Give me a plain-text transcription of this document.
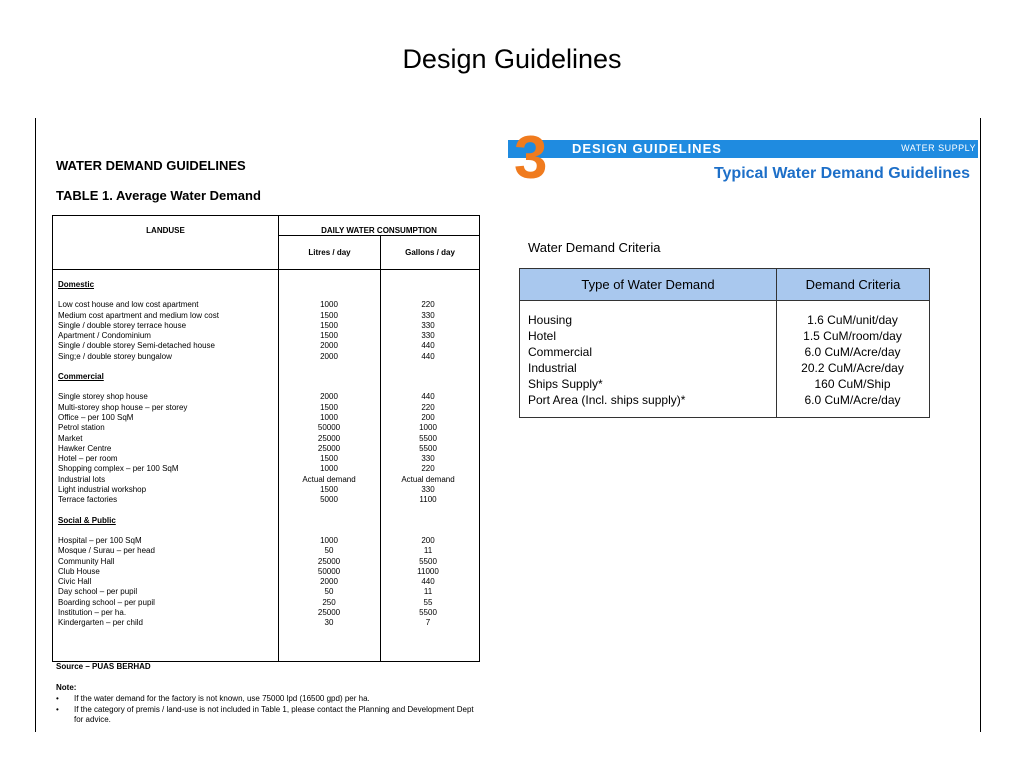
Design Guidelines
WATER DEMAND GUIDELINES
TABLE 1. Average Water Demand
LANDUSE	DAILY WATER CONSUMPTION
Litres / day	Gallons / day
Domestic
Low cost house and low cost apartment	1000	220
Medium cost apartment and medium low cost	1500	330
Single / double storey terrace house	1500	330
Apartment / Condominium	1500	330
Single / double storey Semi-detached house	2000	440
Sing;e / double storey bungalow	2000	440
Commercial
Single storey shop house	2000	440
Multi-storey shop house – per storey	1500	220
Office – per 100 SqM	1000	200
Petrol station	50000	1000
Market	25000	5500
Hawker Centre	25000	5500
Hotel – per room	1500	330
Shopping complex – per 100 SqM	1000	220
Industrial lots	Actual demand	Actual demand
Light industrial workshop	1500	330
Terrace factories	5000	1100
Social & Public
Hospital – per 100 SqM	1000	200
Mosque / Surau – per head	50	11
Community Hall	25000	5500
Club House	50000	11000
Civic Hall	2000	440
Day school – per pupil	50	11
Boarding school – per pupil	250	55
Institution – per ha.	25000	5500
Kindergarten – per child	30	7
Source – PUAS BERHAD
Note:
• If the water demand for the factory is not known, use 75000 lpd (16500 gpd) per ha.
• If the category of premis / land-use is not included in Table 1, please contact the Planning and Development Dept for advice.
3 DESIGN GUIDELINES	WATER SUPPLY
Typical Water Demand Guidelines
Water Demand Criteria
Type of Water Demand	Demand Criteria
Housing	1.6 CuM/unit/day
Hotel	1.5 CuM/room/day
Commercial	6.0 CuM/Acre/day
Industrial	20.2 CuM/Acre/day
Ships Supply*	160 CuM/Ship
Port Area (Incl. ships supply)*	6.0 CuM/Acre/day
